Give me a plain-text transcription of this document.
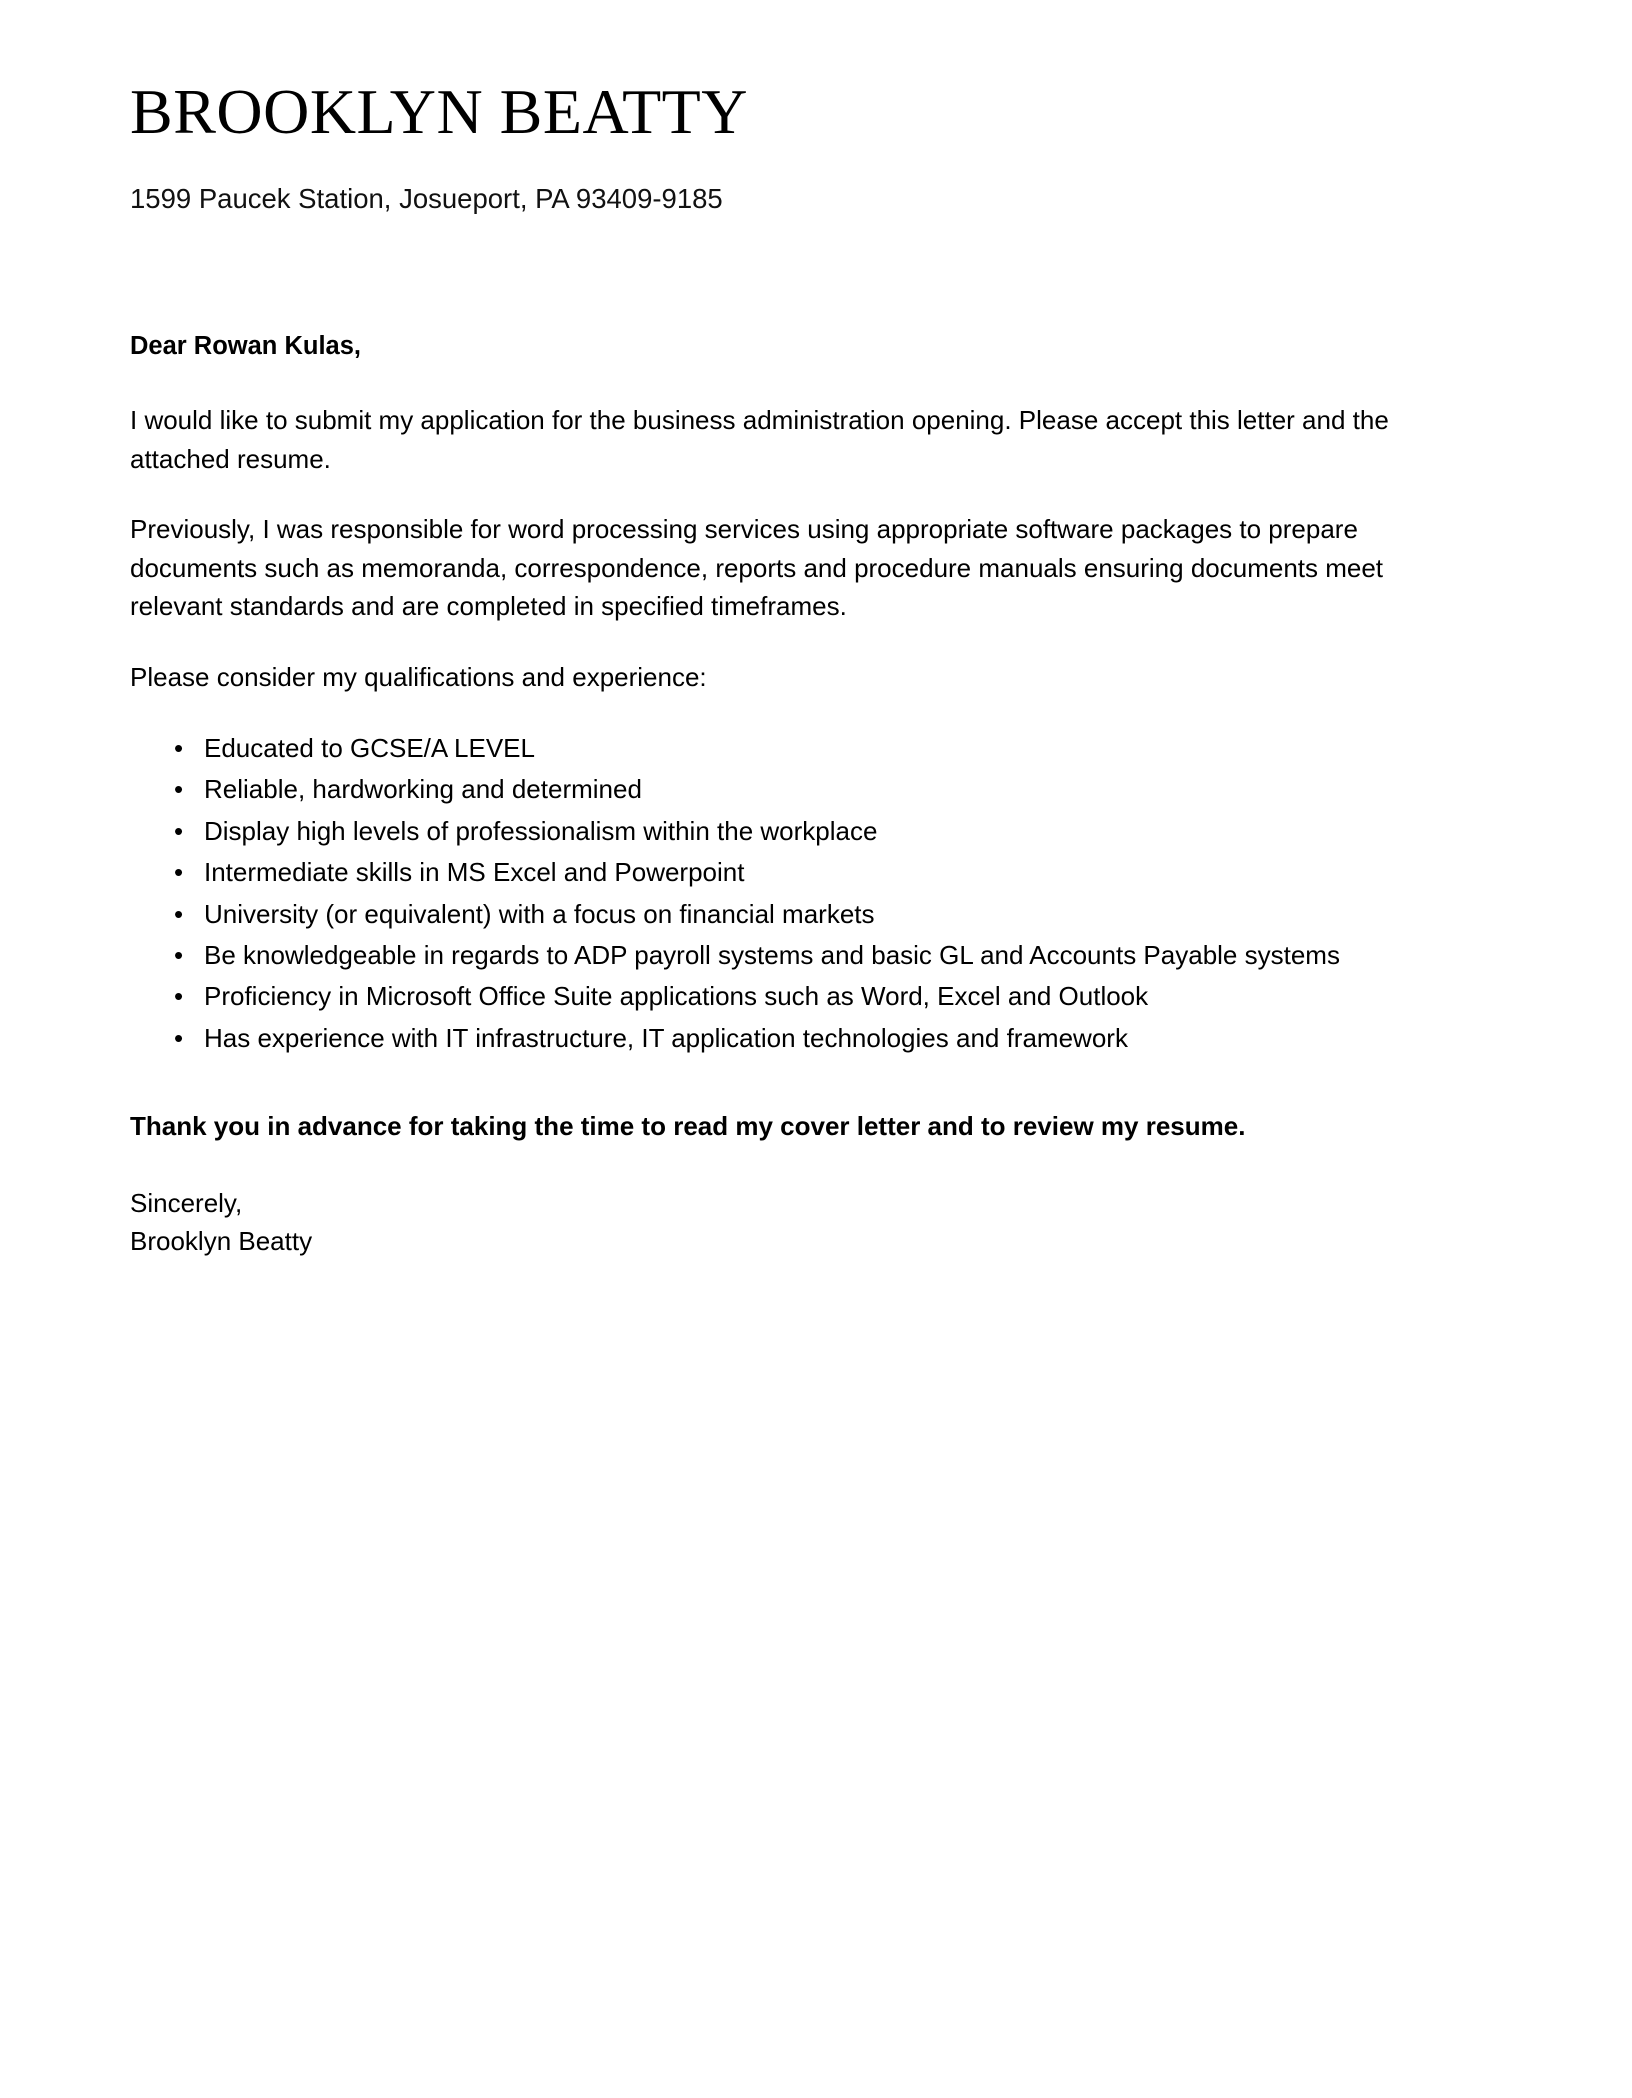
BROOKLYN BEATTY

1599 Paucek Station, Josueport, PA 93409-9185

Dear Rowan Kulas,

I would like to submit my application for the business administration opening. Please accept this letter and the attached resume.

Previously, I was responsible for word processing services using appropriate software packages to prepare documents such as memoranda, correspondence, reports and procedure manuals ensuring documents meet relevant standards and are completed in specified timeframes.

Please consider my qualifications and experience:

• Educated to GCSE/A LEVEL
• Reliable, hardworking and determined
• Display high levels of professionalism within the workplace
• Intermediate skills in MS Excel and Powerpoint
• University (or equivalent) with a focus on financial markets
• Be knowledgeable in regards to ADP payroll systems and basic GL and Accounts Payable systems
• Proficiency in Microsoft Office Suite applications such as Word, Excel and Outlook
• Has experience with IT infrastructure, IT application technologies and framework

Thank you in advance for taking the time to read my cover letter and to review my resume.

Sincerely,
Brooklyn Beatty
